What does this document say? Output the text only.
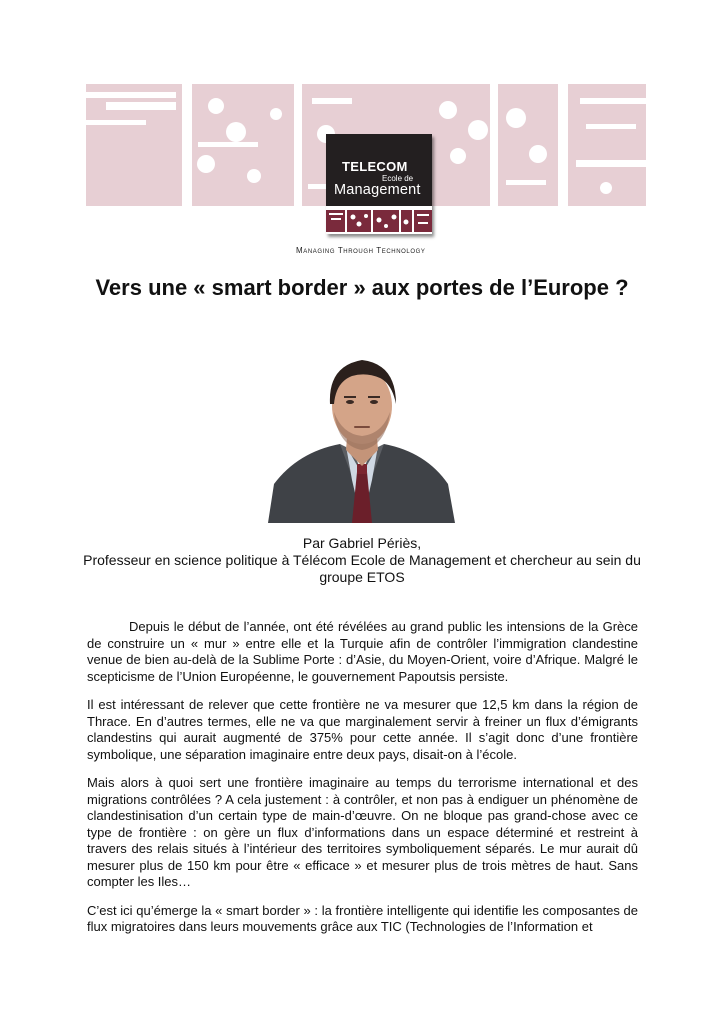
TELECOM
Ecole de
Management
Managing Through Technology
Vers une « smart border » aux portes de l’Europe ?
Par Gabriel Périès,
Professeur en science politique à Télécom Ecole de Management et chercheur au sein du groupe ETOS

Depuis le début de l’année, ont été révélées au grand public les intensions de la Grèce de construire un « mur » entre elle et la Turquie afin de contrôler l’immigration clandestine venue de bien au-delà de la Sublime Porte : d’Asie, du Moyen-Orient, voire d’Afrique. Malgré le scepticisme de l’Union Européenne, le gouvernement Papoutsis persiste.

Il est intéressant de relever que cette frontière ne va mesurer que 12,5 km dans la région de Thrace. En d’autres termes, elle ne va que marginalement servir à freiner un flux d’émigrants clandestins qui aurait augmenté de 375% pour cette année. Il s’agit donc d’une frontière symbolique, une séparation imaginaire entre deux pays, disait-on à l’école.

Mais alors à quoi sert une frontière imaginaire au temps du terrorisme international et des migrations contrôlées ? A cela justement : à contrôler, et non pas à endiguer un phénomène de clandestinisation d’un certain type de main-d’œuvre. On ne bloque pas grand-chose avec ce type de frontière : on gère un flux d’informations dans un espace déterminé et restreint à travers des relais situés à l’intérieur des territoires symboliquement séparés. Le mur aurait dû mesurer plus de 150 km pour être « efficace » et mesurer plus de trois mètres de haut. Sans compter les Iles…

C’est ici qu’émerge la « smart border » : la frontière intelligente qui identifie les composantes de flux migratoires dans leurs mouvements grâce aux TIC (Technologies de l’Information et
